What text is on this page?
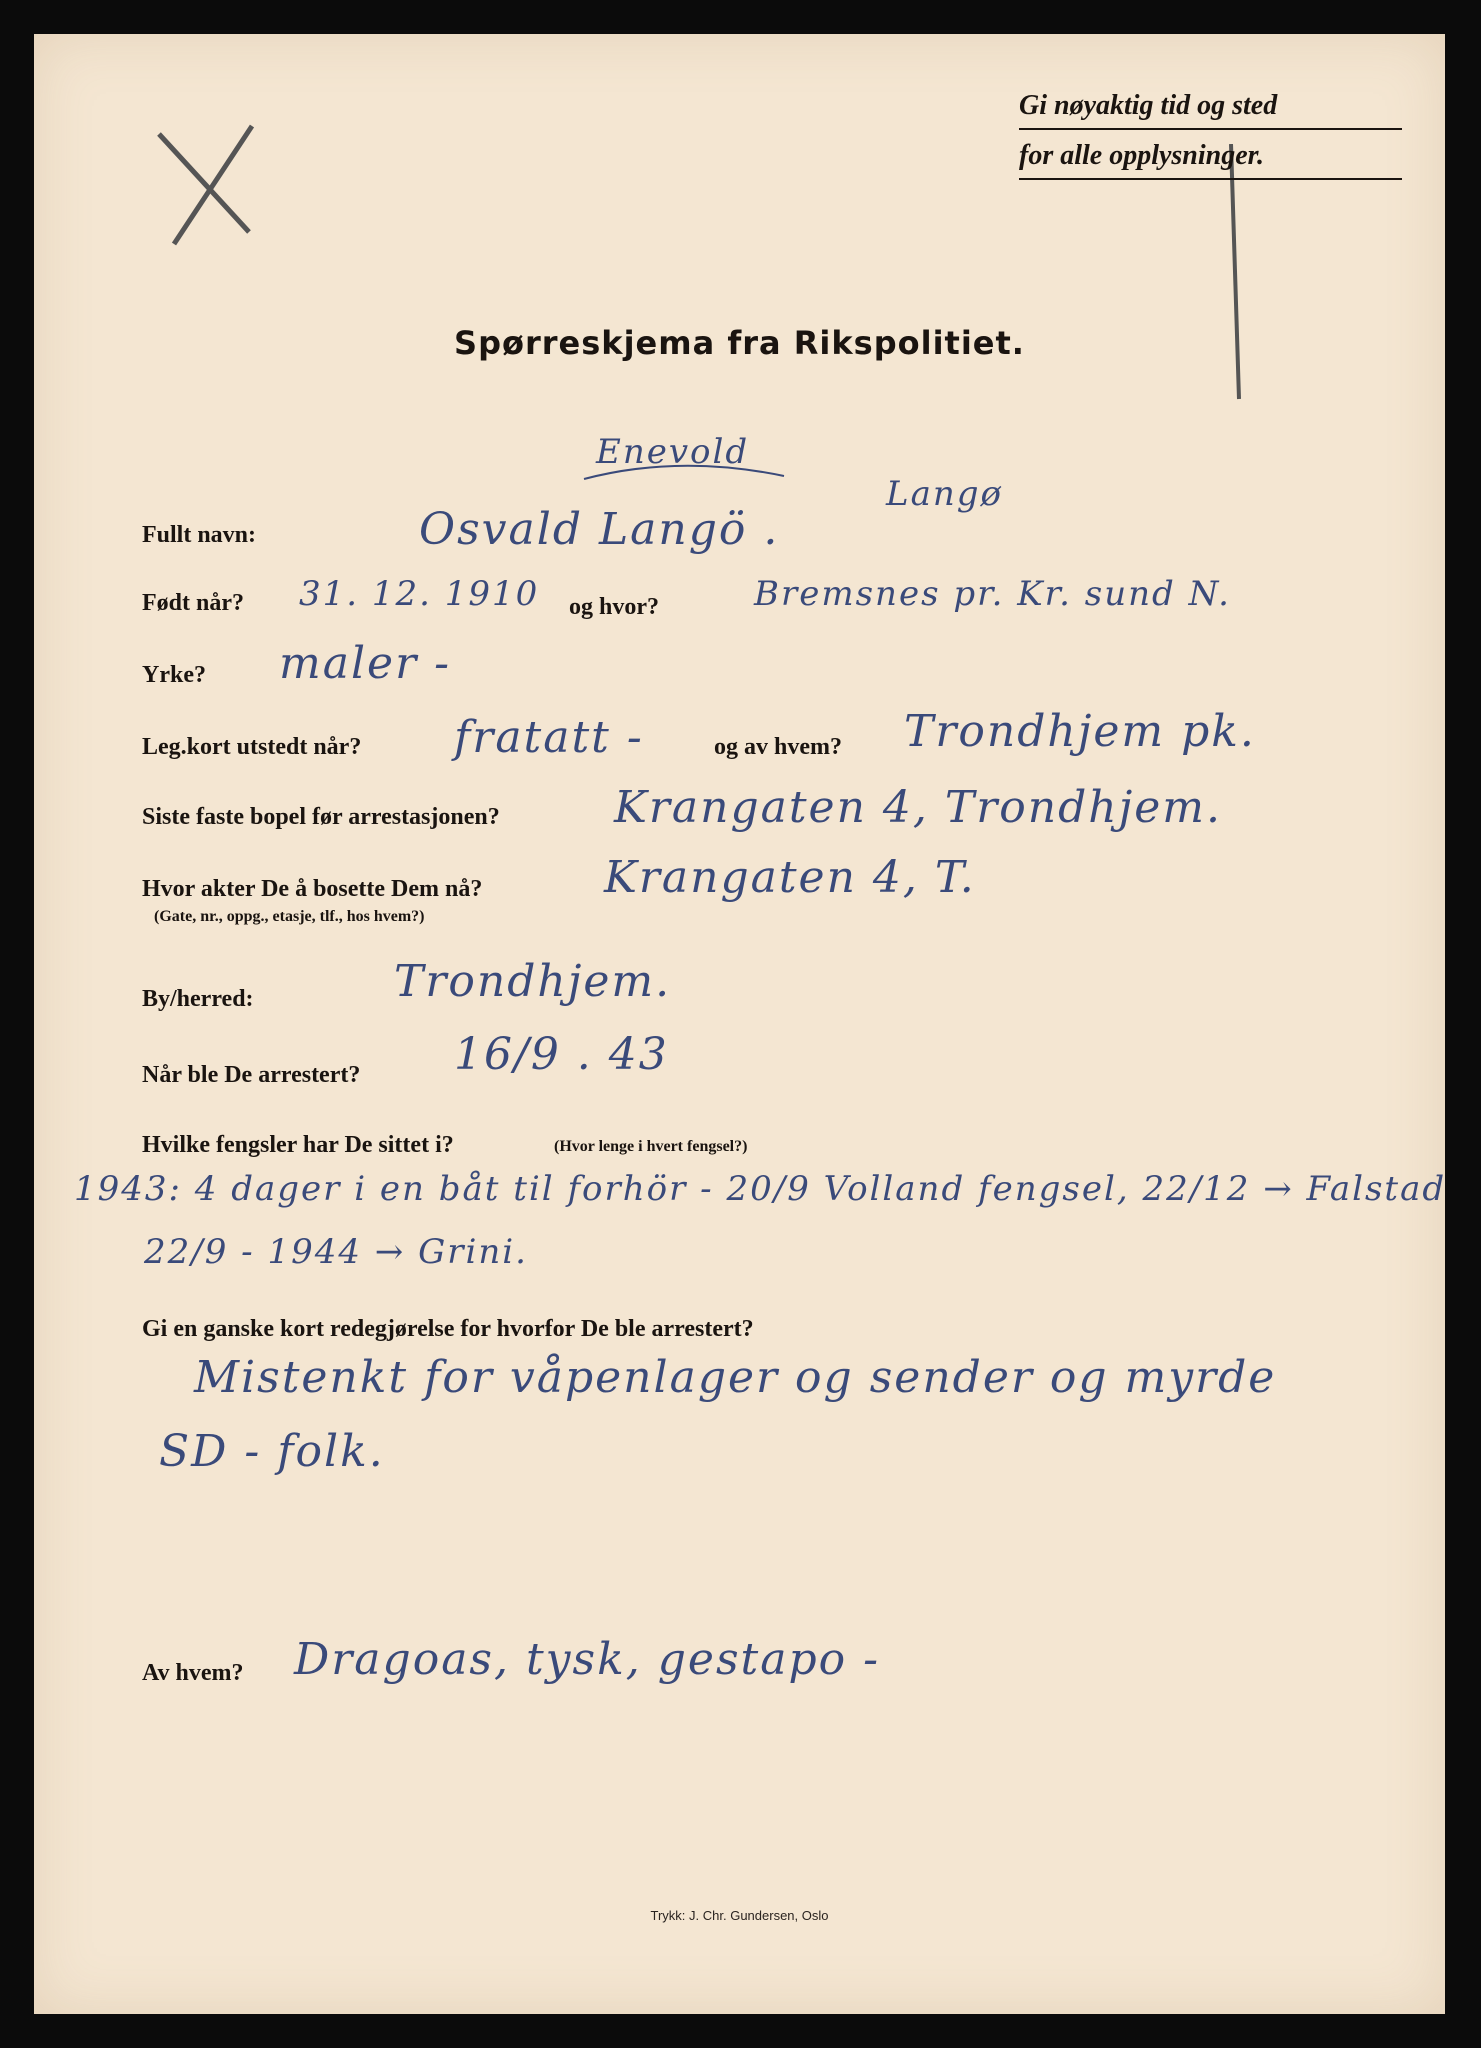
Gi nøyaktig tid og sted
for alle opplysninger.
Spørreskjema fra Rikspolitiet.
Enevold
Langø
Fullt navn:	Osvald Langö .
Født når? 31. 12. 1910 og hvor?	Bremsnes pr. Kr. sund N.
Yrke? maler -
Leg.kort utstedt når? fratatt -	og av hvem? Trondhjem pk.
Siste faste bopel før arrestasjonen?	Krangaten 4, Trondhjem.
Hvor akter De å bosette Dem nå?
(Gate, nr., oppg., etasje, tlf., hos hvem?)
Krangaten 4, T.
By/herred:	Trondhjem.
Når ble De arrestert? 16/9 . 43
Hvilke fengsler har De sittet i?	(Hvor lenge i hvert fengsel?)
1943: 4 dager i en båt til forhör - 20/9 Volland fengsel, 22/12 → Falstad
22/9 - 1944 → Grini.
Gi en ganske kort redegjørelse for hvorfor De ble arrestert?
Mistenkt for våpenlager og sender og myrde
SD - folk.
Av hvem? Dragoas, tysk, gestapo -
Trykk: J. Chr. Gundersen, Oslo
